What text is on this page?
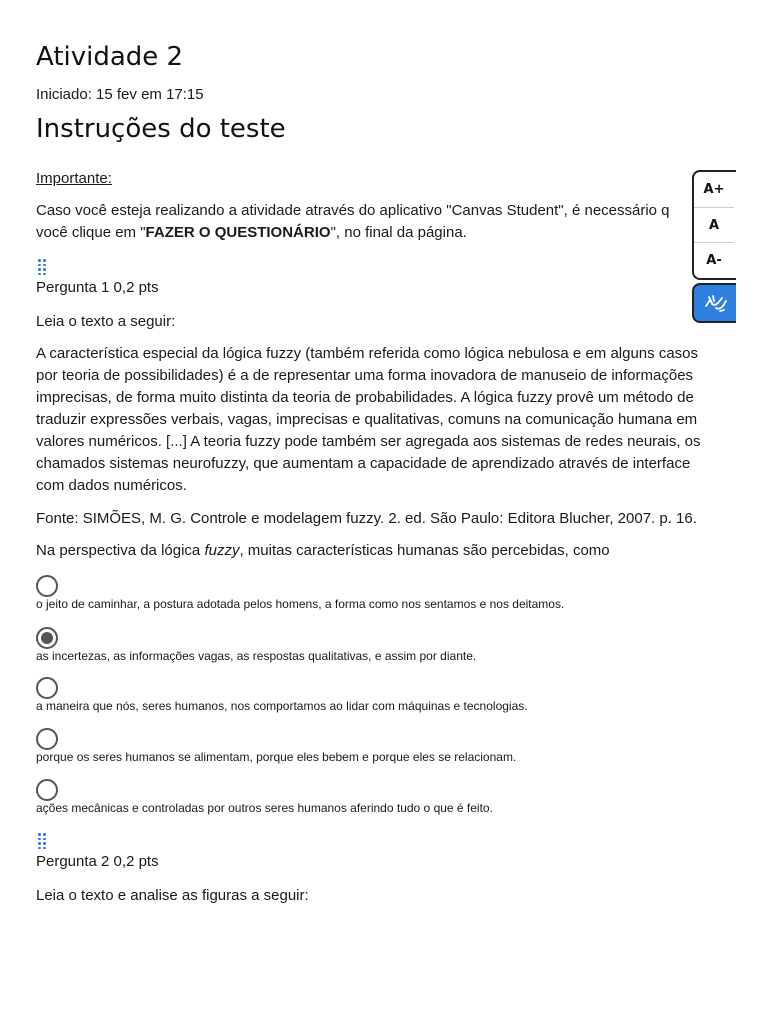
Atividade 2
Iniciado: 15 fev em 17:15
Instruções do teste
Importante:

Caso você esteja realizando a atividade através do aplicativo "Canvas Student", é necessário q
você clique em "FAZER O QUESTIONÁRIO", no final da página.

Pergunta 1 0,2 pts
Leia o texto a seguir:
A característica especial da lógica fuzzy (também referida como lógica nebulosa e em alguns casos
por teoria de possibilidades) é a de representar uma forma inovadora de manuseio de informações
imprecisas, de forma muito distinta da teoria de probabilidades. A lógica fuzzy provê um método de
traduzir expressões verbais, vagas, imprecisas e qualitativas, comuns na comunicação humana em
valores numéricos. [...] A teoria fuzzy pode também ser agregada aos sistemas de redes neurais, os
chamados sistemas neurofuzzy, que aumentam a capacidade de aprendizado através de interface
com dados numéricos.
Fonte: SIMÕES, M. G. Controle e modelagem fuzzy. 2. ed. São Paulo: Editora Blucher, 2007. p. 16.
Na perspectiva da lógica fuzzy, muitas características humanas são percebidas, como
o jeito de caminhar, a postura adotada pelos homens, a forma como nos sentamos e nos deitamos.
as incertezas, as informações vagas, as respostas qualitativas, e assim por diante.
a maneira que nós, seres humanos, nos comportamos ao lidar com máquinas e tecnologias.
porque os seres humanos se alimentam, porque eles bebem e porque eles se relacionam.
ações mecânicas e controladas por outros seres humanos aferindo tudo o que é feito.
Pergunta 2 0,2 pts
Leia o texto e analise as figuras a seguir:
A+
A
A-
